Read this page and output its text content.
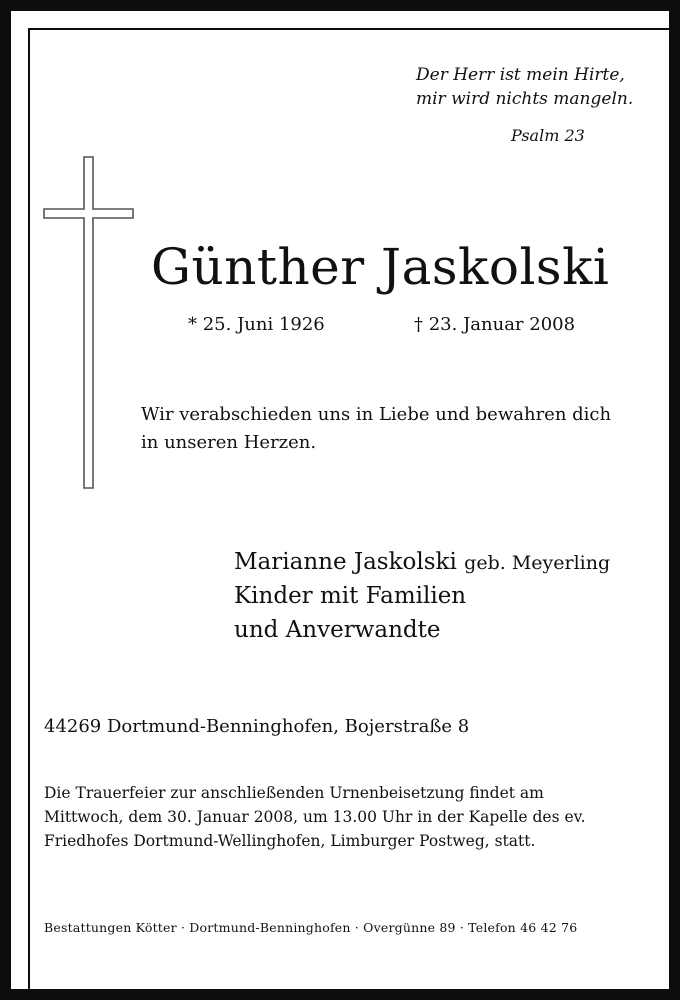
Der Herr ist mein Hirte,
mir wird nichts mangeln.
Psalm 23
Günther Jaskolski
* 25. Juni 1926	† 23. Januar 2008
Wir verabschieden uns in Liebe und bewahren dich
in unseren Herzen.
Marianne Jaskolski geb. Meyerling
Kinder mit Familien
und Anverwandte
44269 Dortmund-Benninghofen, Bojerstraße 8
Die Trauerfeier zur anschließenden Urnenbeisetzung findet am
Mittwoch, dem 30. Januar 2008, um 13.00 Uhr in der Kapelle des ev.
Friedhofes Dortmund-Wellinghofen, Limburger Postweg, statt.
Bestattungen Kötter · Dortmund-Benninghofen · Overgünne 89 · Telefon 46 42 76
